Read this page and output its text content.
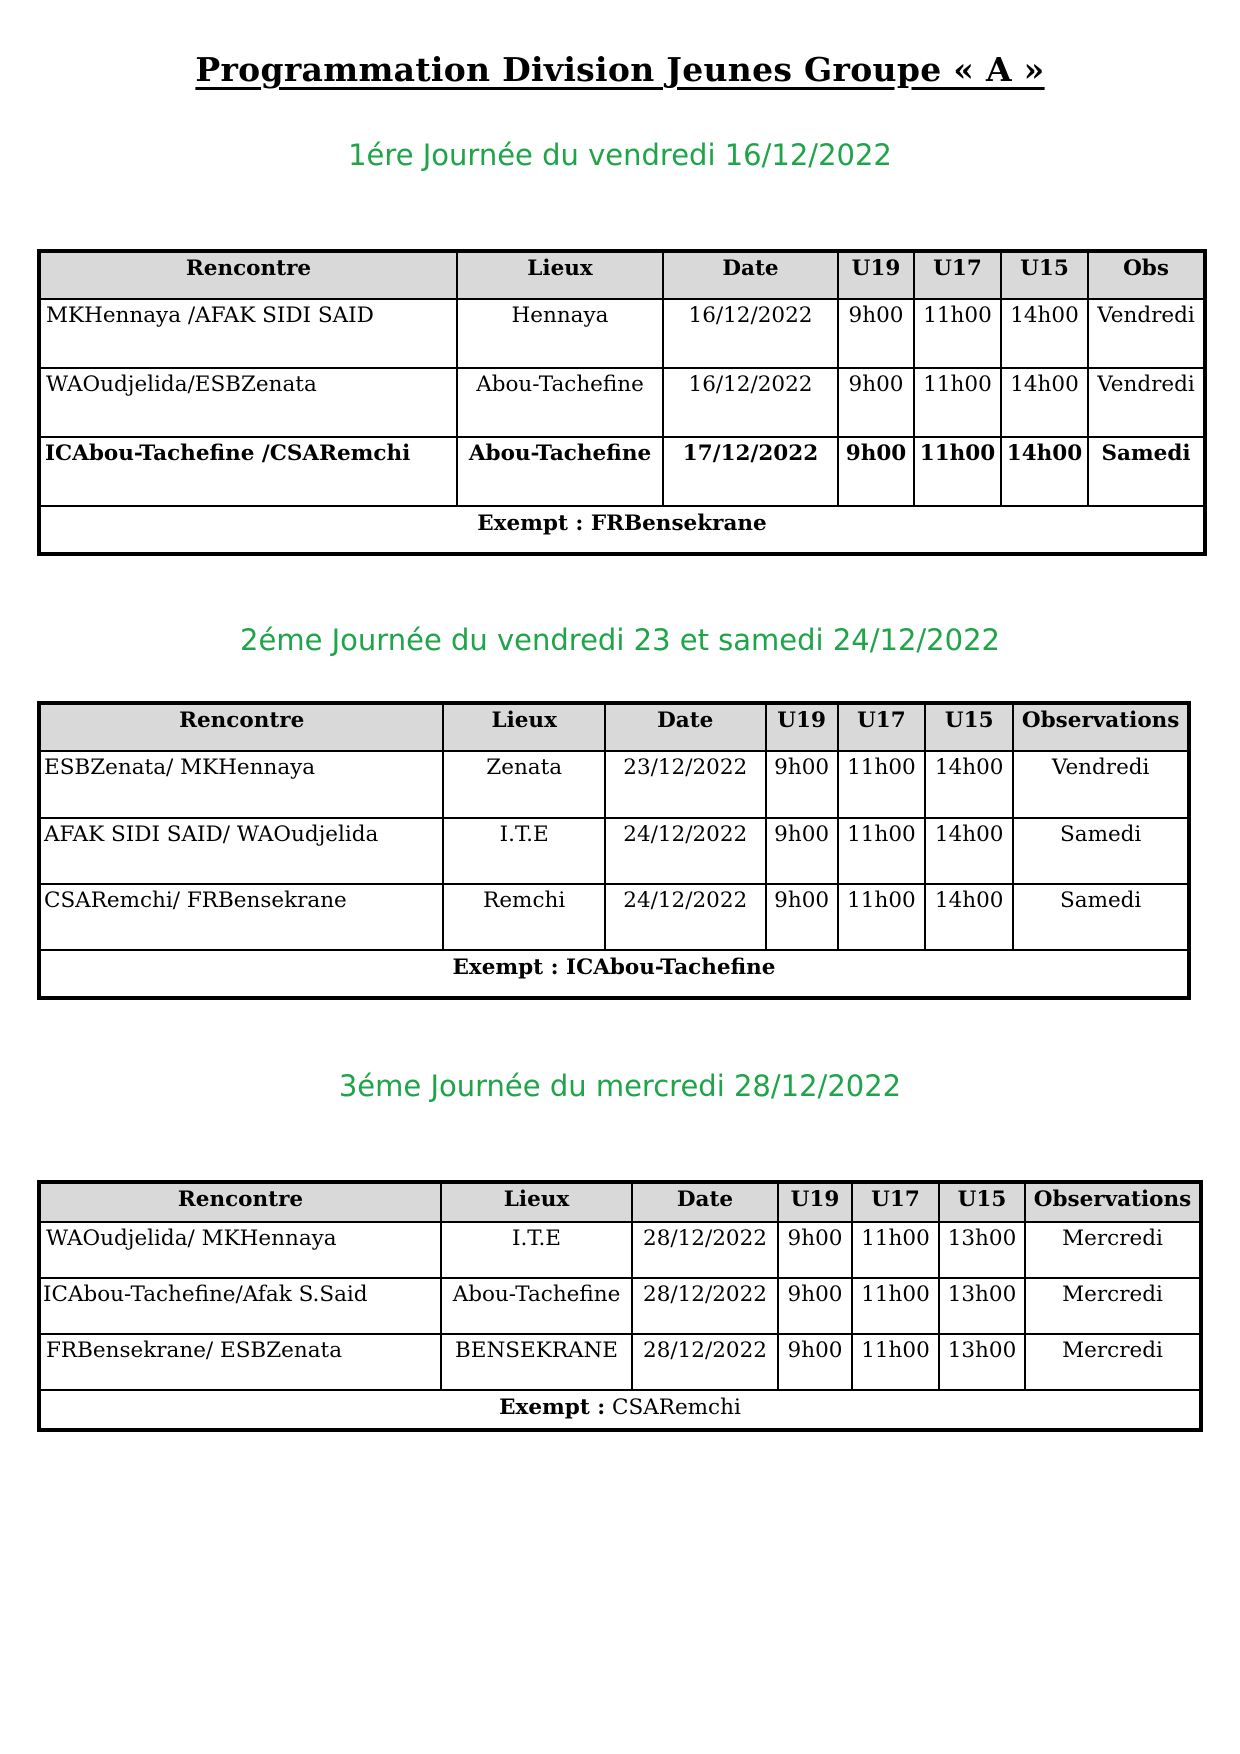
Programmation Division Jeunes Groupe « A »
1ére Journée du vendredi 16/12/2022
Rencontre	Lieux	Date	U19	U17	U15	Obs
MKHennaya /AFAK SIDI SAID	Hennaya	16/12/2022	9h00	11h00	14h00	Vendredi
WAOudjelida/ESBZenata	Abou-Tachefine	16/12/2022	9h00	11h00	14h00	Vendredi
ICAbou-Tachefine /CSARemchi	Abou-Tachefine	17/12/2022	9h00	11h00	14h00	Samedi
Exempt : FRBensekrane						
2éme Journée du vendredi 23 et samedi 24/12/2022
Rencontre	Lieux	Date	U19	U17	U15	Observations
ESBZenata/ MKHennaya	Zenata	23/12/2022	9h00	11h00	14h00	Vendredi
AFAK SIDI SAID/ WAOudjelida	I.T.E	24/12/2022	9h00	11h00	14h00	Samedi
CSARemchi/ FRBensekrane	Remchi	24/12/2022	9h00	11h00	14h00	Samedi
Exempt : ICAbou-Tachefine						
3éme Journée du mercredi 28/12/2022
Rencontre	Lieux	Date	U19	U17	U15	Observations
WAOudjelida/ MKHennaya	I.T.E	28/12/2022	9h00	11h00	13h00	Mercredi
ICAbou-Tachefine/Afak S.Said	Abou-Tachefine	28/12/2022	9h00	11h00	13h00	Mercredi
FRBensekrane/ ESBZenata	BENSEKRANE	28/12/2022	9h00	11h00	13h00	Mercredi
Exempt : CSARemchi						
